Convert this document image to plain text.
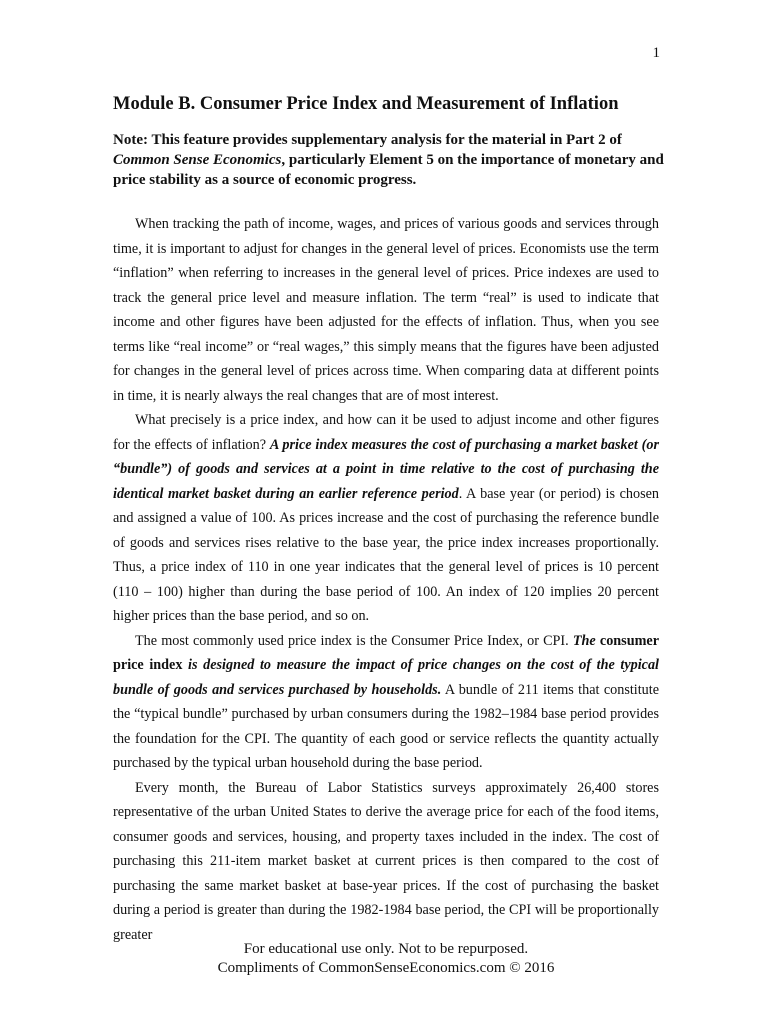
1
Module B. Consumer Price Index and Measurement of Inflation

Note: This feature provides supplementary analysis for the material in Part 2 of Common Sense Economics, particularly Element 5 on the importance of monetary and price stability as a source of economic progress.

When tracking the path of income, wages, and prices of various goods and services through time, it is important to adjust for changes in the general level of prices. Economists use the term “inflation” when referring to increases in the general level of prices. Price indexes are used to track the general price level and measure inflation. The term “real” is used to indicate that income and other figures have been adjusted for the effects of inflation. Thus, when you see terms like “real income” or “real wages,” this simply means that the figures have been adjusted for changes in the general level of prices across time. When comparing data at different points in time, it is nearly always the real changes that are of most interest.

What precisely is a price index, and how can it be used to adjust income and other figures for the effects of inflation? A price index measures the cost of purchasing a market basket (or “bundle”) of goods and services at a point in time relative to the cost of purchasing the identical market basket during an earlier reference period. A base year (or period) is chosen and assigned a value of 100. As prices increase and the cost of purchasing the reference bundle of goods and services rises relative to the base year, the price index increases proportionally. Thus, a price index of 110 in one year indicates that the general level of prices is 10 percent (110 – 100) higher than during the base period of 100. An index of 120 implies 20 percent higher prices than the base period, and so on.

The most commonly used price index is the Consumer Price Index, or CPI. The consumer price index is designed to measure the impact of price changes on the cost of the typical bundle of goods and services purchased by households. A bundle of 211 items that constitute the “typical bundle” purchased by urban consumers during the 1982–1984 base period provides the foundation for the CPI. The quantity of each good or service reflects the quantity actually purchased by the typical urban household during the base period.

Every month, the Bureau of Labor Statistics surveys approximately 26,400 stores representative of the urban United States to derive the average price for each of the food items, consumer goods and services, housing, and property taxes included in the index. The cost of purchasing this 211-item market basket at current prices is then compared to the cost of purchasing the same market basket at base-year prices. If the cost of purchasing the basket during a period is greater than during the 1982-1984 base period, the CPI will be proportionally greater

For educational use only. Not to be repurposed.
Compliments of CommonSenseEconomics.com © 2016
